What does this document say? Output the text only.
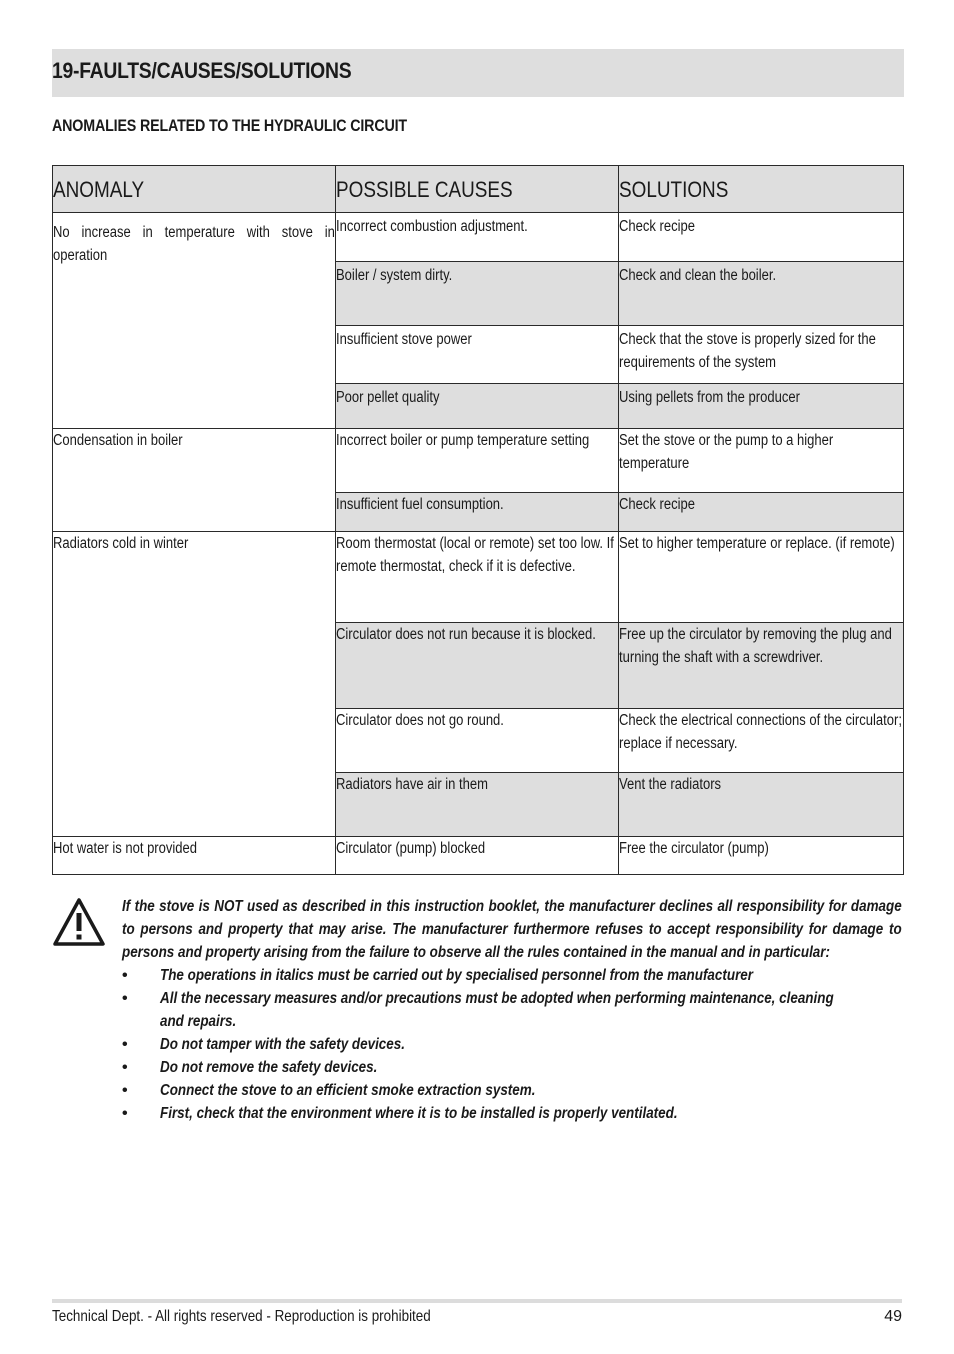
19-FAULTS/CAUSES/SOLUTIONS
ANOMALIES RELATED TO THE HYDRAULIC CIRCUIT
ANOMALY	POSSIBLE CAUSES	SOLUTIONS

No increase in temperature with stove in operation	Incorrect combustion adjustment.	Check recipe

	Boiler / system dirty.	Check and clean the boiler.

	Insufficient stove power	Check that the stove is properly sized for the requirements of the system

	Poor pellet quality	Using pellets from the producer

Condensation in boiler	Incorrect boiler or pump temperature setting	Set the stove or the pump to a higher temperature

	Insufficient fuel consumption.	Check recipe

Radiators cold in winter	Room thermostat (local or remote) set too low. If remote thermostat, check if it is defective.	Set to higher temperature or replace. (if remote)

	Circulator does not run because it is blocked.	Free up the circulator by removing the plug and turning the shaft with a screwdriver.

	Circulator does not go round.	Check the electrical connections of the circulator; replace if necessary.

	Radiators have air in them	Vent the radiators

Hot water is not provided	Circulator (pump) blocked	Free the circulator (pump)

If the stove is NOT used as described in this instruction booklet, the manufacturer declines all responsibility for damage to persons and property that may arise. The manufacturer furthermore refuses to accept responsibility for damage to persons and property arising from the failure to observe all the rules contained in the manual and in particular:

• The operations in italics must be carried out by specialised personnel from the manufacturer
• All the necessary measures and/or precautions must be adopted when performing maintenance, cleaning and repairs.
• Do not tamper with the safety devices.
• Do not remove the safety devices.
• Connect the stove to an efficient smoke extraction system.
• First, check that the environment where it is to be installed is properly ventilated.
Technical Dept. - All rights reserved - Reproduction is prohibited	49
